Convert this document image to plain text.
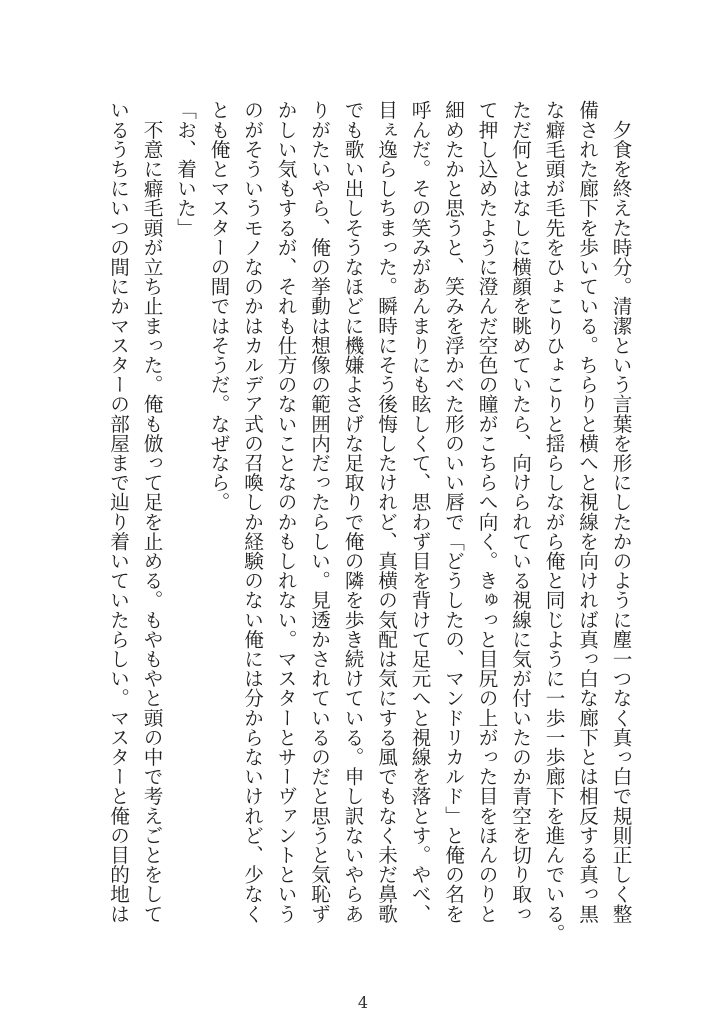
　夕食を終えた時分。清潔という言葉を形にしたかのように塵一つなく真っ白で規則正しく整
備された廊下を歩いている。ちらりと横へと視線を向ければ真っ白な廊下とは相反する真っ黒
な癖毛頭が毛先をひょこりひょこりと揺らしながら俺と同じように一歩一歩廊下を進んでいる。
ただ何とはなしに横顔を眺めていたら、向けられている視線に気が付いたのか青空を切り取っ
て押し込めたように澄んだ空色の瞳がこちらへ向く。きゅっと目尻の上がった目をほんのりと
細めたかと思うと、笑みを浮かべた形のいい唇で「どうしたの、マンドリカルド」と俺の名を
呼んだ。その笑みがあんまりにも眩しくて、思わず目を背けて足元へと視線を落とす。やべ、
目ぇ逸らしちまった。瞬時にそう後悔したけれど、真横の気配は気にする風でもなく未だ鼻歌
でも歌い出しそうなほどに機嫌よさげな足取りで俺の隣を歩き続けている。申し訳ないやらあ
りがたいやら、俺の挙動は想像の範囲内だったらしい。見透かされているのだと思うと気恥ず
かしい気もするが、それも仕方のないことなのかもしれない。マスターとサーヴァントという
のがそういうモノなのかはカルデア式の召喚しか経験のない俺には分からないけれど、少なく
とも俺とマスターの間ではそうだ。なぜなら。
「お、着いた」
　不意に癖毛頭が立ち止まった。俺も倣って足を止める。もやもやと頭の中で考えごとをして
いるうちにいつの間にかマスターの部屋まで辿り着いていたらしい。マスターと俺の目的地は
4
